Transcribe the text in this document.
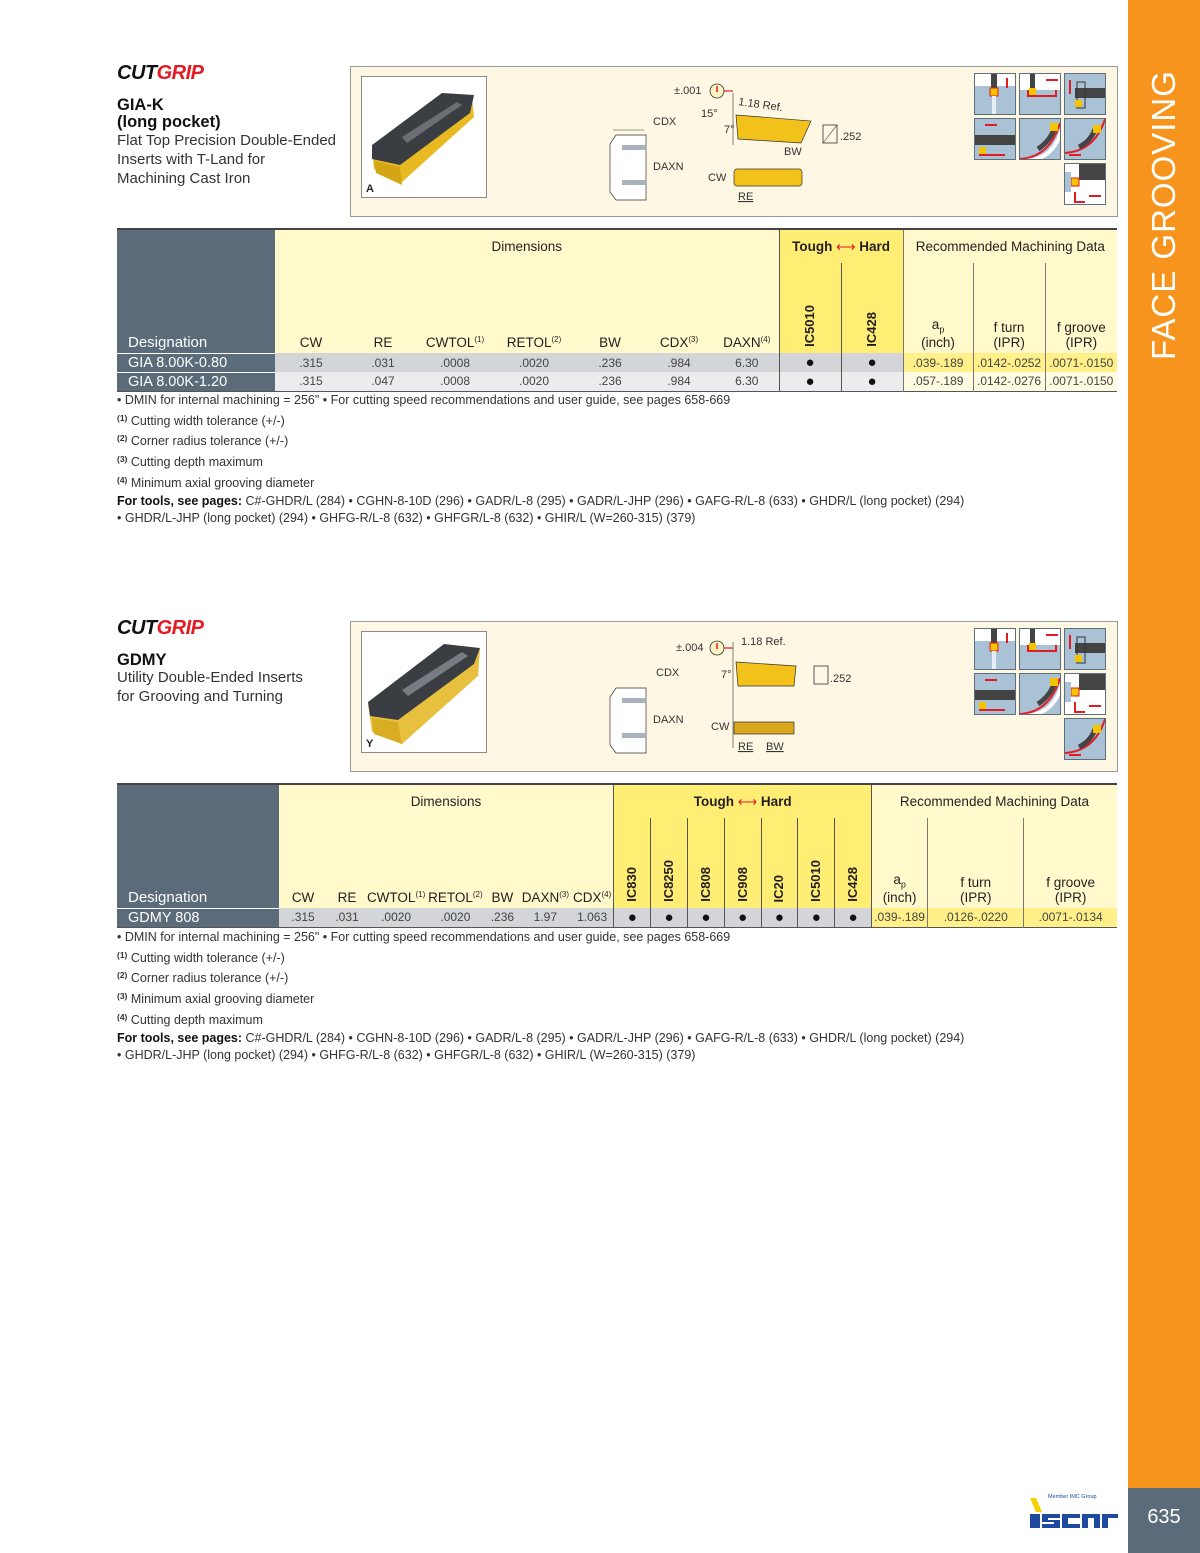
FACE GROOVING
635
Member IMC Group
CUTGRIP
GIA-K
(long pocket)
Flat Top Precision Double-Ended
Inserts with T-Land for
Machining Cast Iron
A
±.001
1.18 Ref.
15°
7°
.252
CDX
DAXN
BW
CW
RE
Designation	Dimensions							Tough ⟷ Hard		Recommended Machining Data		
CW	RE	CWTOL$^{(1)}$	RETOL$^{(2)}$	BW	CDX$^{(3)}$	DAXN$^{(4)}$	IC5010	IC428	$a_p$
(inch)

f turn
(IPR)

f groove
(IPR)

GIA 8.00K-0.80	.315	.031	.0008	.0020	.236	.984	6.30	●	●	.039-.189	.0142-.0252	.0071-.0150
GIA 8.00K-1.20	.315	.047	.0008	.0020	.236	.984	6.30	●	●	.057-.189	.0142-.0276	.0071-.0150
• DMIN for internal machining = 256" • For cutting speed recommendations and user guide, see pages 658-669
$^{(1)}$ Cutting width tolerance (+/-)
$^{(2)}$ Corner radius tolerance (+/-)
$^{(3)}$ Cutting depth maximum
$^{(4)}$ Minimum axial grooving diameter
For tools, see pages: C#-GHDR/L (284) • CGHN-8-10D (296) • GADR/L-8 (295) • GADR/L-JHP (296) • GAFG-R/L-8 (633) • GHDR/L (long pocket) (294)
• GHDR/L-JHP (long pocket) (294) • GHFG-R/L-8 (632) • GHFGR/L-8 (632) • GHIR/L (W=260-315) (379)
CUTGRIP
GDMY
Utility Double-Ended Inserts
for Grooving and Turning
Y
±.004	1.18 Ref.
7°	.252
CDX
DAXN
CW
RE BW
Designation	Dimensions							Tough ⟷ Hard							Recommended Machining Data		
CW	RE	CWTOL$^{(1)}$	RETOL$^{(2)}$	BW	DAXN$^{(3)}$	CDX$^{(4)}$	IC830	IC8250	IC808	IC908	IC20	IC5010	IC428	$a_p$
(inch)

f turn
(IPR)

f groove
(IPR)

GDMY 808	.315	.031	.0020	.0020	.236	1.97	1.063	●	●	●	●	●	●	●	.039-.189	.0126-.0220	.0071-.0134
• DMIN for internal machining = 256" • For cutting speed recommendations and user guide, see pages 658-669
$^{(1)}$ Cutting width tolerance (+/-)
$^{(2)}$ Corner radius tolerance (+/-)
$^{(3)}$ Minimum axial grooving diameter
$^{(4)}$ Cutting depth maximum
For tools, see pages: C#-GHDR/L (284) • CGHN-8-10D (296) • GADR/L-8 (295) • GADR/L-JHP (296) • GAFG-R/L-8 (633) • GHDR/L (long pocket) (294)
• GHDR/L-JHP (long pocket) (294) • GHFG-R/L-8 (632) • GHFGR/L-8 (632) • GHIR/L (W=260-315) (379)
